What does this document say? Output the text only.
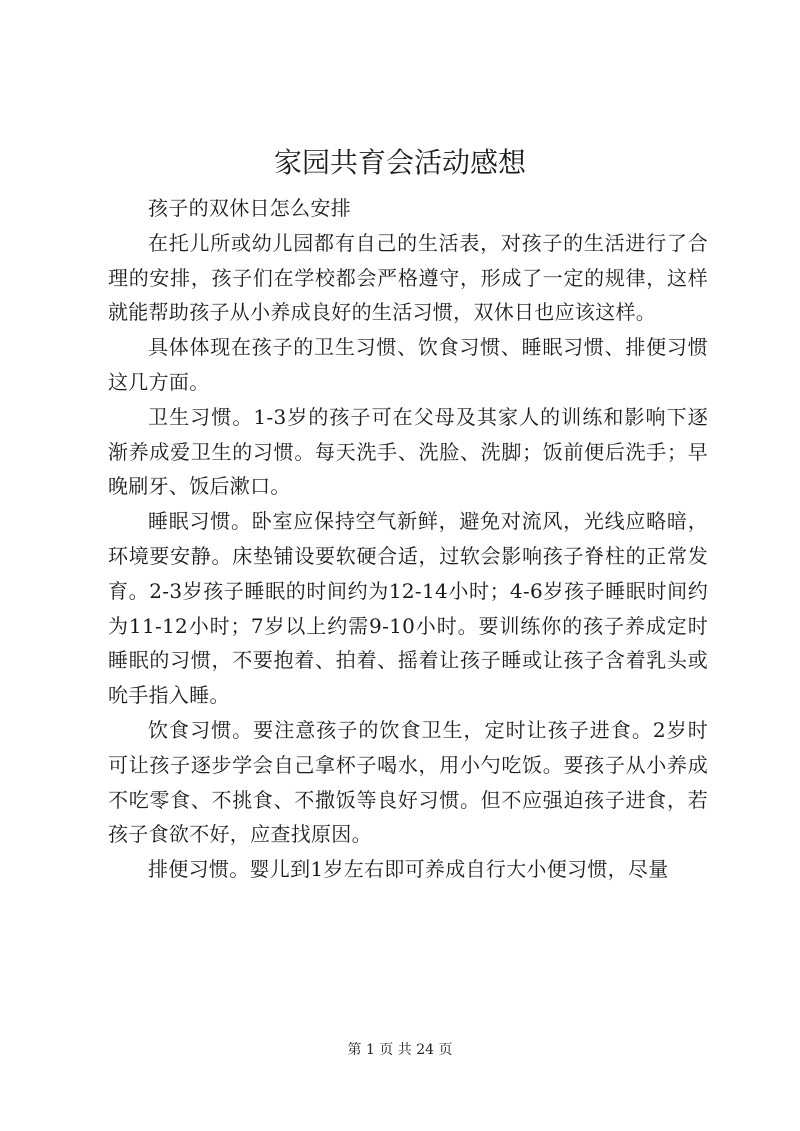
家园共育会活动感想

孩子的双休日怎么安排

在托儿所或幼儿园都有自己的生活表，对孩子的生活进行了合理的安排，孩子们在学校都会严格遵守，形成了一定的规律，这样就能帮助孩子从小养成良好的生活习惯，双休日也应该这样。

具体体现在孩子的卫生习惯、饮食习惯、睡眠习惯、排便习惯这几方面。

卫生习惯。1-3岁的孩子可在父母及其家人的训练和影响下逐渐养成爱卫生的习惯。每天洗手、洗脸、洗脚；饭前便后洗手；早晚刷牙、饭后漱口。

睡眠习惯。卧室应保持空气新鲜，避免对流风，光线应略暗，环境要安静。床垫铺设要软硬合适，过软会影响孩子脊柱的正常发育。2-3岁孩子睡眠的时间约为12-14小时；4-6岁孩子睡眠时间约为11-12小时；7岁以上约需9-10小时。要训练你的孩子养成定时睡眠的习惯，不要抱着、拍着、摇着让孩子睡或让孩子含着乳头或吮手指入睡。

饮食习惯。要注意孩子的饮食卫生，定时让孩子进食。2岁时可让孩子逐步学会自己拿杯子喝水，用小勺吃饭。要孩子从小养成不吃零食、不挑食、不撒饭等良好习惯。但不应强迫孩子进食，若孩子食欲不好，应查找原因。

排便习惯。婴儿到1岁左右即可养成自行大小便习惯，尽量

第 1 页 共 24 页
